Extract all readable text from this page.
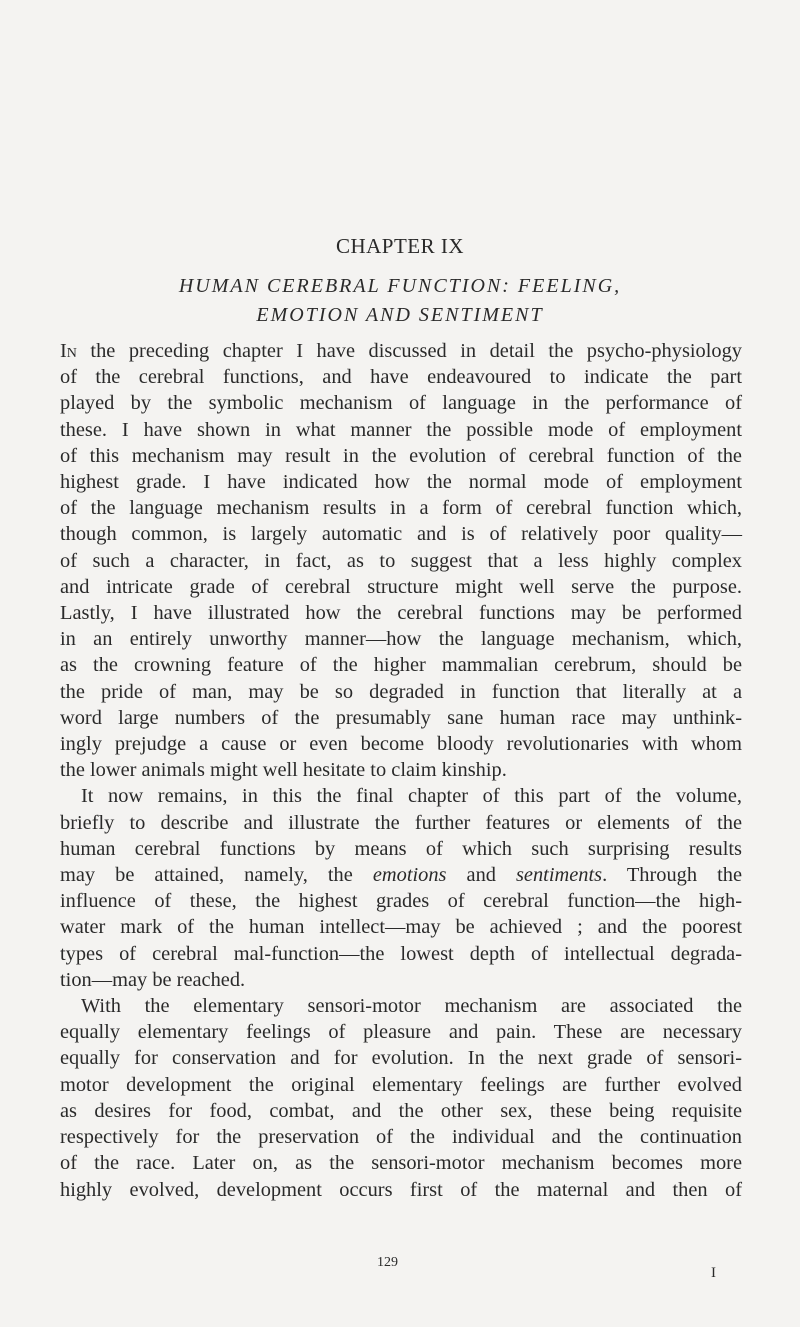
CHAPTER IX
HUMAN CEREBRAL FUNCTION: FEELING,
EMOTION AND SENTIMENT
In the preceding chapter I have discussed in detail the psycho-physiology
of the cerebral functions, and have endeavoured to indicate the part
played by the symbolic mechanism of language in the performance of
these. I have shown in what manner the possible mode of employment
of this mechanism may result in the evolution of cerebral function of the
highest grade. I have indicated how the normal mode of employment
of the language mechanism results in a form of cerebral function which,
though common, is largely automatic and is of relatively poor quality—
of such a character, in fact, as to suggest that a less highly complex
and intricate grade of cerebral structure might well serve the purpose.
Lastly, I have illustrated how the cerebral functions may be performed
in an entirely unworthy manner—how the language mechanism, which,
as the crowning feature of the higher mammalian cerebrum, should be
the pride of man, may be so degraded in function that literally at a
word large numbers of the presumably sane human race may unthink-
ingly prejudge a cause or even become bloody revolutionaries with whom
the lower animals might well hesitate to claim kinship.
It now remains, in this the final chapter of this part of the volume,
briefly to describe and illustrate the further features or elements of the
human cerebral functions by means of which such surprising results
may be attained, namely, the emotions and sentiments. Through the
influence of these, the highest grades of cerebral function—the high-
water mark of the human intellect—may be achieved ; and the poorest
types of cerebral mal-function—the lowest depth of intellectual degrada-
tion—may be reached.
With the elementary sensori-motor mechanism are associated the
equally elementary feelings of pleasure and pain. These are necessary
equally for conservation and for evolution. In the next grade of sensori-
motor development the original elementary feelings are further evolved
as desires for food, combat, and the other sex, these being requisite
respectively for the preservation of the individual and the continuation
of the race. Later on, as the sensori-motor mechanism becomes more
highly evolved, development occurs first of the maternal and then of
129
I
